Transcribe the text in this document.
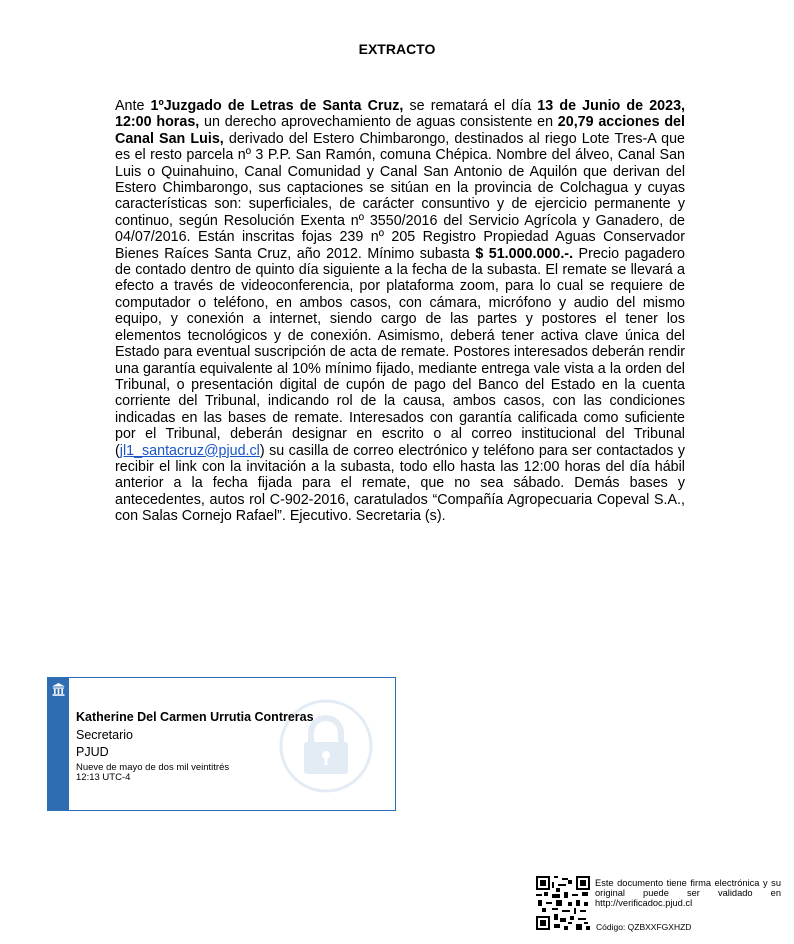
EXTRACTO
Ante 1ºJuzgado de Letras de Santa Cruz, se rematará el día 13 de Junio de 2023, 12:00 horas, un derecho aprovechamiento de aguas consistente en 20,79 acciones del Canal San Luis, derivado del Estero Chimbarongo, destinados al riego Lote Tres-A que es el resto parcela nº 3 P.P. San Ramón, comuna Chépica. Nombre del álveo, Canal San Luis o Quinahuino, Canal Comunidad y Canal San Antonio de Aquilón que derivan del Estero Chimbarongo, sus captaciones se sitúan en la provincia de Colchagua y cuyas características son: superficiales, de carácter consuntivo y de ejercicio permanente y continuo, según Resolución Exenta nº 3550/2016 del Servicio Agrícola y Ganadero, de 04/07/2016. Están inscritas fojas 239 nº 205 Registro Propiedad Aguas Conservador Bienes Raíces Santa Cruz, año 2012. Mínimo subasta $ 51.000.000.-. Precio pagadero de contado dentro de quinto día siguiente a la fecha de la subasta. El remate se llevará a efecto a través de videoconferencia, por plataforma zoom, para lo cual se requiere de computador o teléfono, en ambos casos, con cámara, micrófono y audio del mismo equipo, y conexión a internet, siendo cargo de las partes y postores el tener los elementos tecnológicos y de conexión. Asimismo, deberá tener activa clave única del Estado para eventual suscripción de acta de remate. Postores interesados deberán rendir una garantía equivalente al 10% mínimo fijado, mediante entrega vale vista a la orden del Tribunal, o presentación digital de cupón de pago del Banco del Estado en la cuenta corriente del Tribunal, indicando rol de la causa, ambos casos, con las condiciones indicadas en las bases de remate. Interesados con garantía calificada como suficiente por el Tribunal, deberán designar en escrito o al correo institucional del Tribunal (jl1_santacruz@pjud.cl) su casilla de correo electrónico y teléfono para ser contactados y recibir el link con la invitación a la subasta, todo ello hasta las 12:00 horas del día hábil anterior a la fecha fijada para el remate, que no sea sábado. Demás bases y antecedentes, autos rol C-902-2016, caratulados “Compañía Agropecuaria Copeval S.A., con Salas Cornejo Rafael”. Ejecutivo. Secretaria (s).
Katherine Del Carmen Urrutia Contreras
Secretario
PJUD
Nueve de mayo de dos mil veintitrés
12:13 UTC-4
Este documento tiene firma electrónica y su original puede ser validado en http://verificadoc.pjud.cl
Código: QZBXXFGXHZD
